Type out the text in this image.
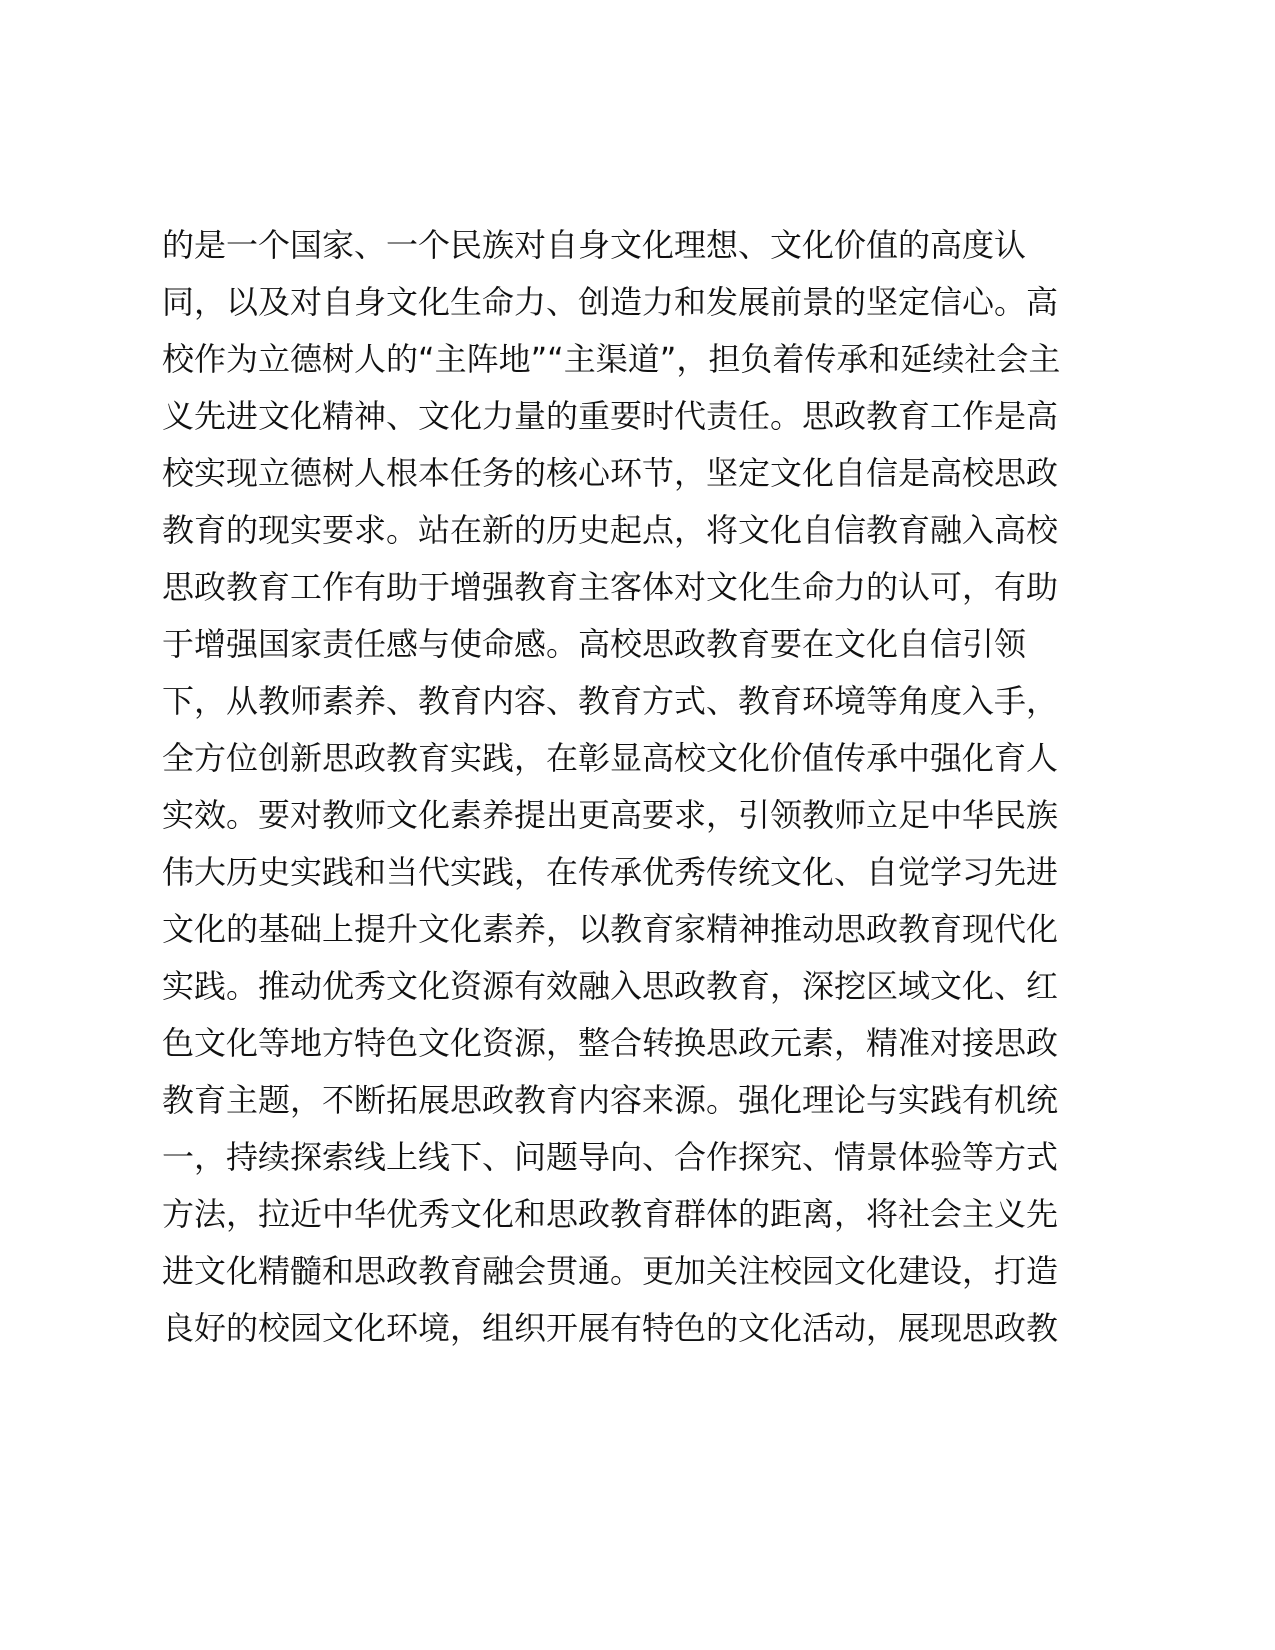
的是一个国家、一个民族对自身文化理想、文化价值的高度认
同，以及对自身文化生命力、创造力和发展前景的坚定信心。高
校作为立德树人的“主阵地”“主渠道”，担负着传承和延续社会主
义先进文化精神、文化力量的重要时代责任。思政教育工作是高
校实现立德树人根本任务的核心环节，坚定文化自信是高校思政
教育的现实要求。站在新的历史起点，将文化自信教育融入高校
思政教育工作有助于增强教育主客体对文化生命力的认可，有助
于增强国家责任感与使命感。高校思政教育要在文化自信引领
下，从教师素养、教育内容、教育方式、教育环境等角度入手，
全方位创新思政教育实践，在彰显高校文化价值传承中强化育人
实效。要对教师文化素养提出更高要求，引领教师立足中华民族
伟大历史实践和当代实践，在传承优秀传统文化、自觉学习先进
文化的基础上提升文化素养，以教育家精神推动思政教育现代化
实践。推动优秀文化资源有效融入思政教育，深挖区域文化、红
色文化等地方特色文化资源，整合转换思政元素，精准对接思政
教育主题，不断拓展思政教育内容来源。强化理论与实践有机统
一，持续探索线上线下、问题导向、合作探究、情景体验等方式
方法，拉近中华优秀文化和思政教育群体的距离，将社会主义先
进文化精髓和思政教育融会贯通。更加关注校园文化建设，打造
良好的校园文化环境，组织开展有特色的文化活动，展现思政教
